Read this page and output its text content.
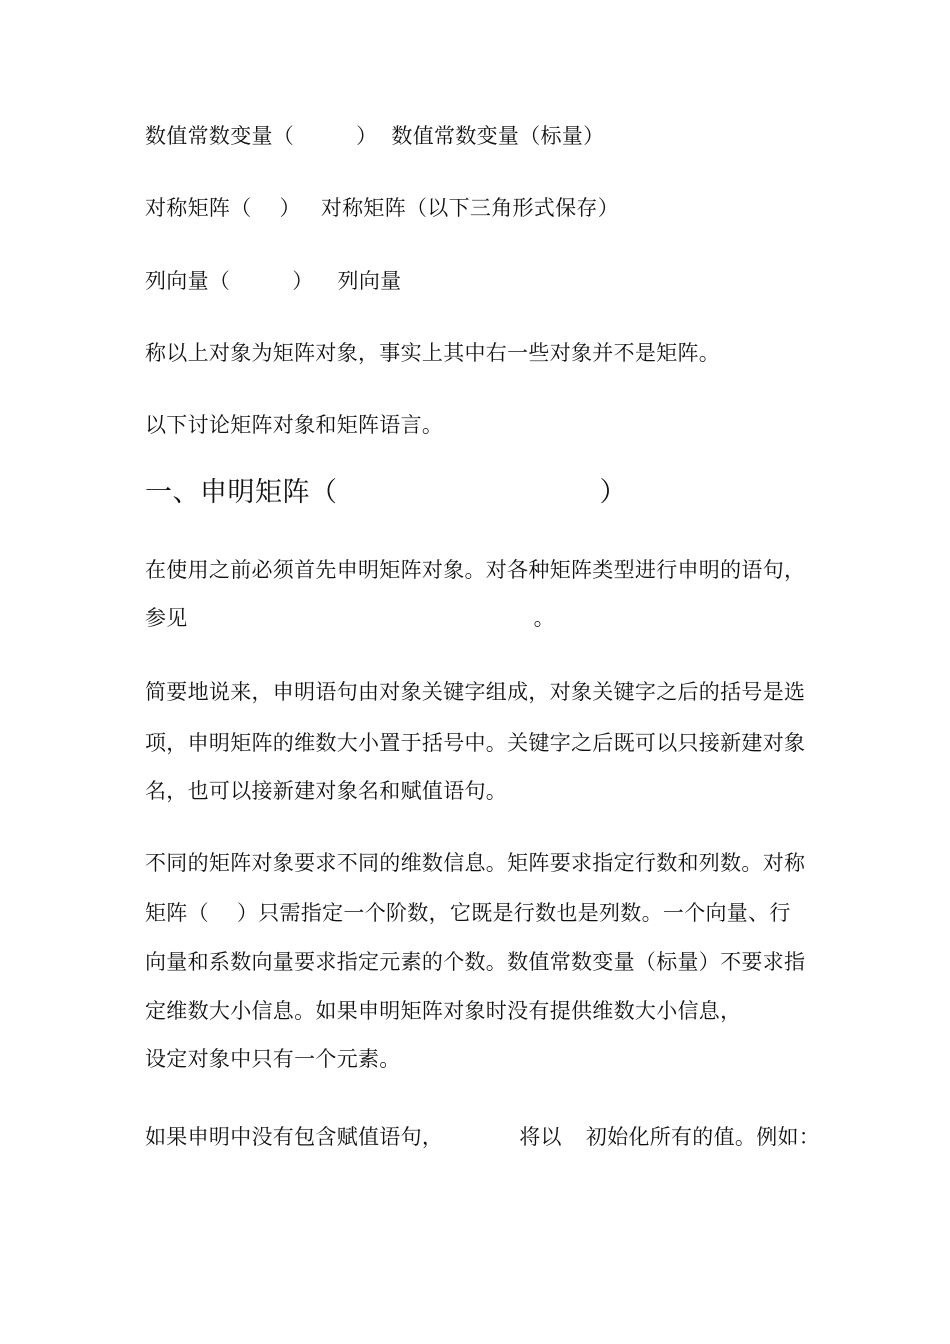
数值常数变量（	） 数值常数变量（标量）
对称矩阵（ ） 对称矩阵（以下三角形式保存）
列向量（	） 列向量
称以上对象为矩阵对象，事实上其中右一些对象并不是矩阵。
以下讨论矩阵对象和矩阵语言。
一、申明矩阵（	）
在使用之前必须首先申明矩阵对象。对各种矩阵类型进行申明的语句，
参见	。
简要地说来，申明语句由对象关键字组成，对象关键字之后的括号是选
项，申明矩阵的维数大小置于括号中。关键字之后既可以只接新建对象
名，也可以接新建对象名和赋值语句。
不同的矩阵对象要求不同的维数信息。矩阵要求指定行数和列数。对称
矩阵（ ）只需指定一个阶数，它既是行数也是列数。一个向量、行
向量和系数向量要求指定元素的个数。数值常数变量（标量）不要求指
定维数大小信息。如果申明矩阵对象时没有提供维数大小信息，
设定对象中只有一个元素。
如果申明中没有包含赋值语句，	将以 初始化所有的值。例如：
